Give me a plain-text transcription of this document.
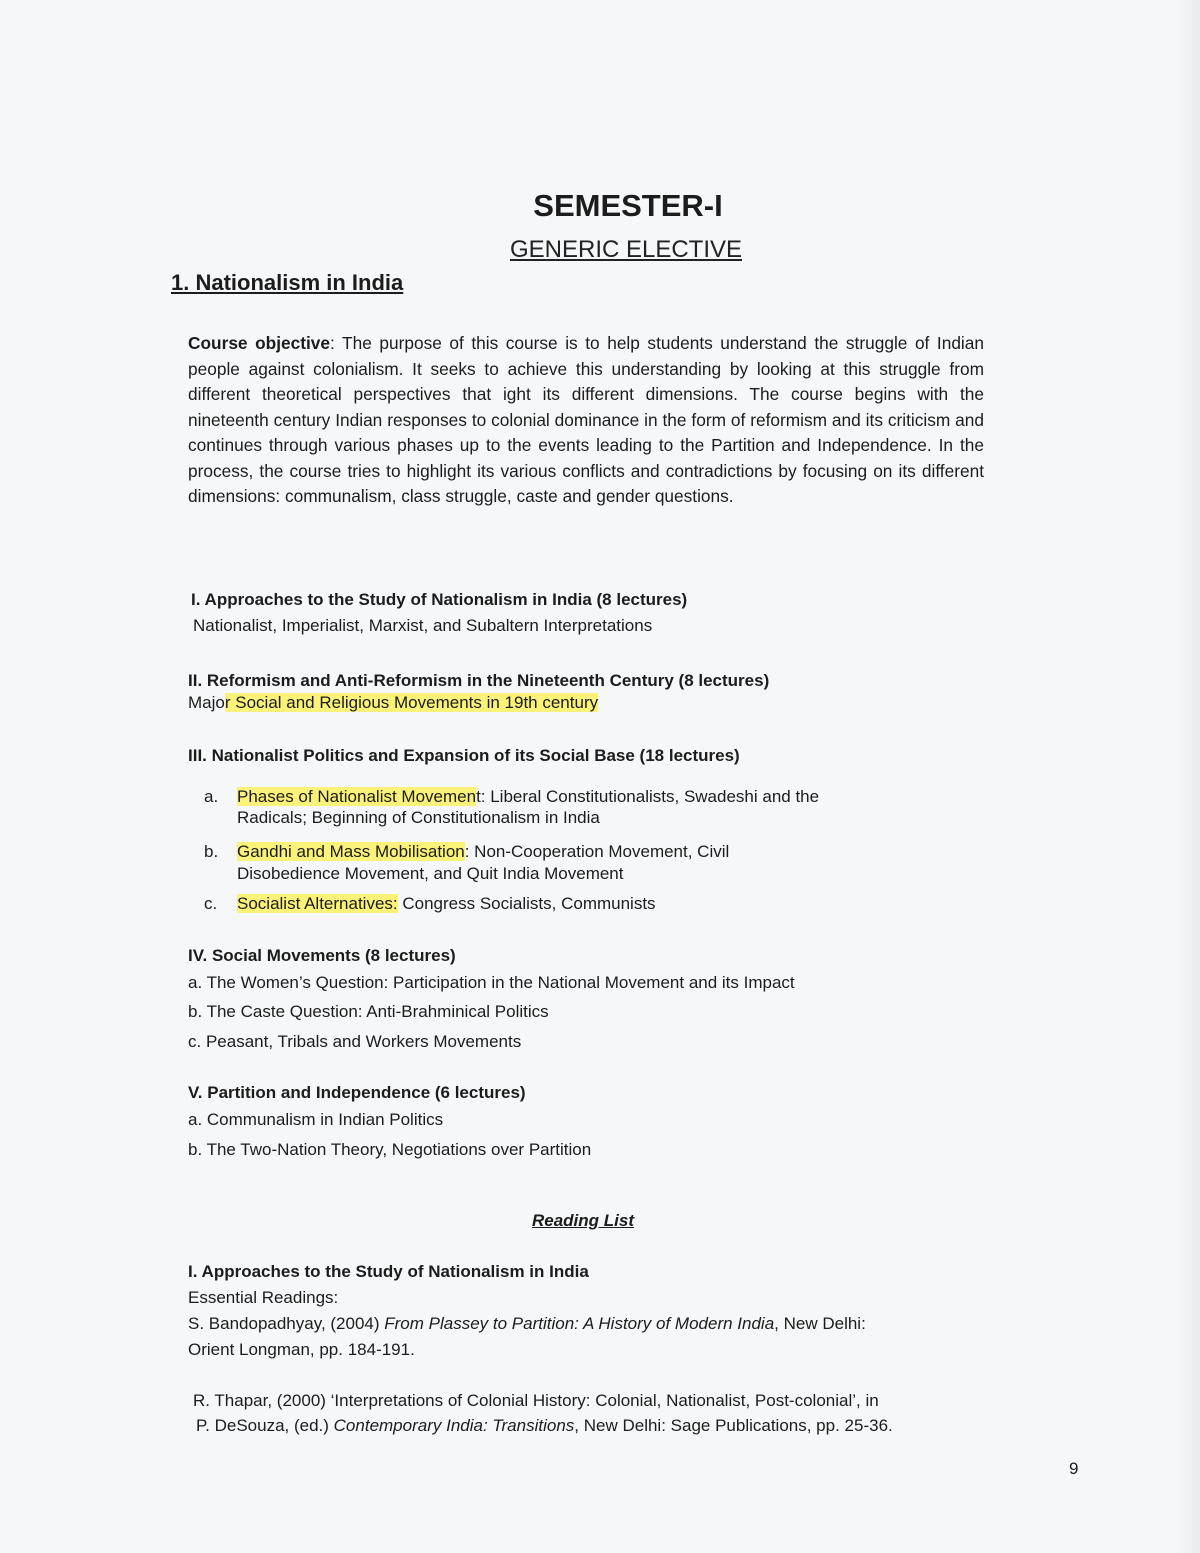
SEMESTER-I
GENERIC ELECTIVE
1. Nationalism in India
Course objective: The purpose of this course is to help students understand the struggle of Indian people against colonialism. It seeks to achieve this understanding by looking at this struggle from different theoretical perspectives that ight its different dimensions. The course begins with the nineteenth century Indian responses to colonial dominance in the form of reformism and its criticism and continues through various phases up to the events leading to the Partition and Independence. In the process, the course tries to highlight its various conflicts and contradictions by focusing on its different dimensions: communalism, class struggle, caste and gender questions.
I. Approaches to the Study of Nationalism in India (8 lectures)
Nationalist, Imperialist, Marxist, and Subaltern Interpretations
II. Reformism and Anti-Reformism in the Nineteenth Century (8 lectures)
Major Social and Religious Movements in 19th century
III. Nationalist Politics and Expansion of its Social Base (18 lectures)
a. Phases of Nationalist Movement: Liberal Constitutionalists, Swadeshi and the
Radicals; Beginning of Constitutionalism in India
b. Gandhi and Mass Mobilisation: Non-Cooperation Movement, Civil
Disobedience Movement, and Quit India Movement
c. Socialist Alternatives: Congress Socialists, Communists
IV. Social Movements (8 lectures)
a. The Women’s Question: Participation in the National Movement and its Impact
b. The Caste Question: Anti-Brahminical Politics
c. Peasant, Tribals and Workers Movements
V. Partition and Independence (6 lectures)
a. Communalism in Indian Politics
b. The Two-Nation Theory, Negotiations over Partition
Reading List
I. Approaches to the Study of Nationalism in India
Essential Readings:
S. Bandopadhyay, (2004) From Plassey to Partition: A History of Modern India, New Delhi:
Orient Longman, pp. 184-191.
R. Thapar, (2000) ‘Interpretations of Colonial History: Colonial, Nationalist, Post-colonial’, in
P. DeSouza, (ed.) Contemporary India: Transitions, New Delhi: Sage Publications, pp. 25-36.
9
